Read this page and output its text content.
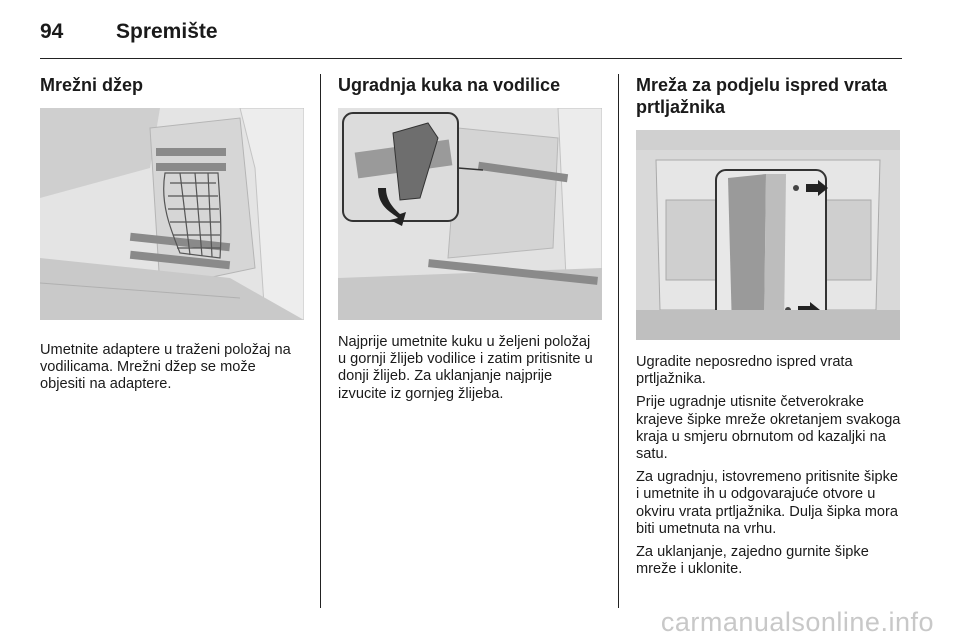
94	Spremište
Mrežni džep

Umetnite adaptere u traženi položaj na vodilicama. Mrežni džep se može objesiti na adaptere.

Ugradnja kuka na vodilice

Najprije umetnite kuku u željeni položaj u gornji žlijeb vodilice i zatim pritisnite u donji žlijeb. Za uklanjanje najprije izvucite iz gornjeg žlijeba.

Mreža za podjelu ispred vrata prtljažnika

Ugradite neposredno ispred vrata prtljažnika.

Prije ugradnje utisnite četverokrake krajeve šipke mreže okretanjem svakoga kraja u smjeru obrnutom od kazaljki na satu.

Za ugradnju, istovremeno pritisnite šipke i umetnite ih u odgovarajuće otvore u okviru vrata prtljažnika. Dulja šipka mora biti umetnuta na vrhu.

Za uklanjanje, zajedno gurnite šipke mreže i uklonite.

carmanualsonline.info
